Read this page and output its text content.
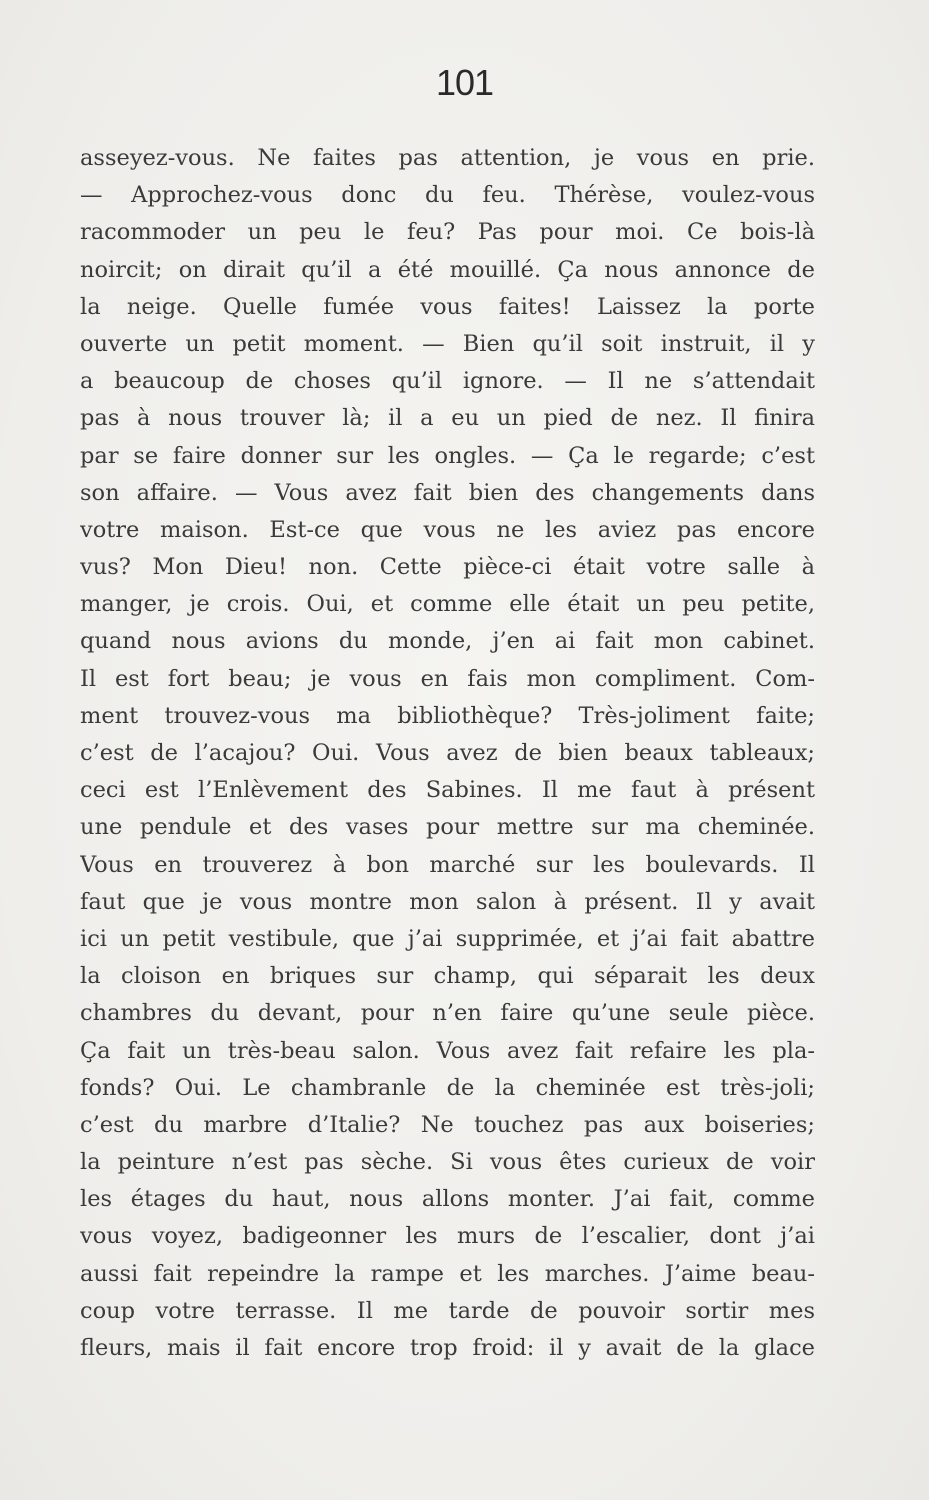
101
asseyez-vous. Ne faites pas attention, je vous en prie.
— Approchez-vous donc du feu. Thérèse, voulez-vous
racommoder un peu le feu? Pas pour moi. Ce bois-là
noircit; on dirait qu’il a été mouillé. Ça nous annonce de
la neige. Quelle fumée vous faites! Laissez la porte
ouverte un petit moment. — Bien qu’il soit instruit, il y
a beaucoup de choses qu’il ignore. — Il ne s’attendait
pas à nous trouver là; il a eu un pied de nez. Il finira
par se faire donner sur les ongles. — Ça le regarde; c’est
son affaire. — Vous avez fait bien des changements dans
votre maison. Est-ce que vous ne les aviez pas encore
vus? Mon Dieu! non. Cette pièce-ci était votre salle à
manger, je crois. Oui, et comme elle était un peu petite,
quand nous avions du monde, j’en ai fait mon cabinet.
Il est fort beau; je vous en fais mon compliment. Com-
ment trouvez-vous ma bibliothèque? Très-joliment faite;
c’est de l’acajou? Oui. Vous avez de bien beaux tableaux;
ceci est l’Enlèvement des Sabines. Il me faut à présent
une pendule et des vases pour mettre sur ma cheminée.
Vous en trouverez à bon marché sur les boulevards. Il
faut que je vous montre mon salon à présent. Il y avait
ici un petit vestibule, que j’ai supprimée, et j’ai fait abattre
la cloison en briques sur champ, qui séparait les deux
chambres du devant, pour n’en faire qu’une seule pièce.
Ça fait un très-beau salon. Vous avez fait refaire les pla-
fonds? Oui. Le chambranle de la cheminée est très-joli;
c’est du marbre d’Italie? Ne touchez pas aux boiseries;
la peinture n’est pas sèche. Si vous êtes curieux de voir
les étages du haut, nous allons monter. J’ai fait, comme
vous voyez, badigeonner les murs de l’escalier, dont j’ai
aussi fait repeindre la rampe et les marches. J’aime beau-
coup votre terrasse. Il me tarde de pouvoir sortir mes
fleurs, mais il fait encore trop froid: il y avait de la glace
